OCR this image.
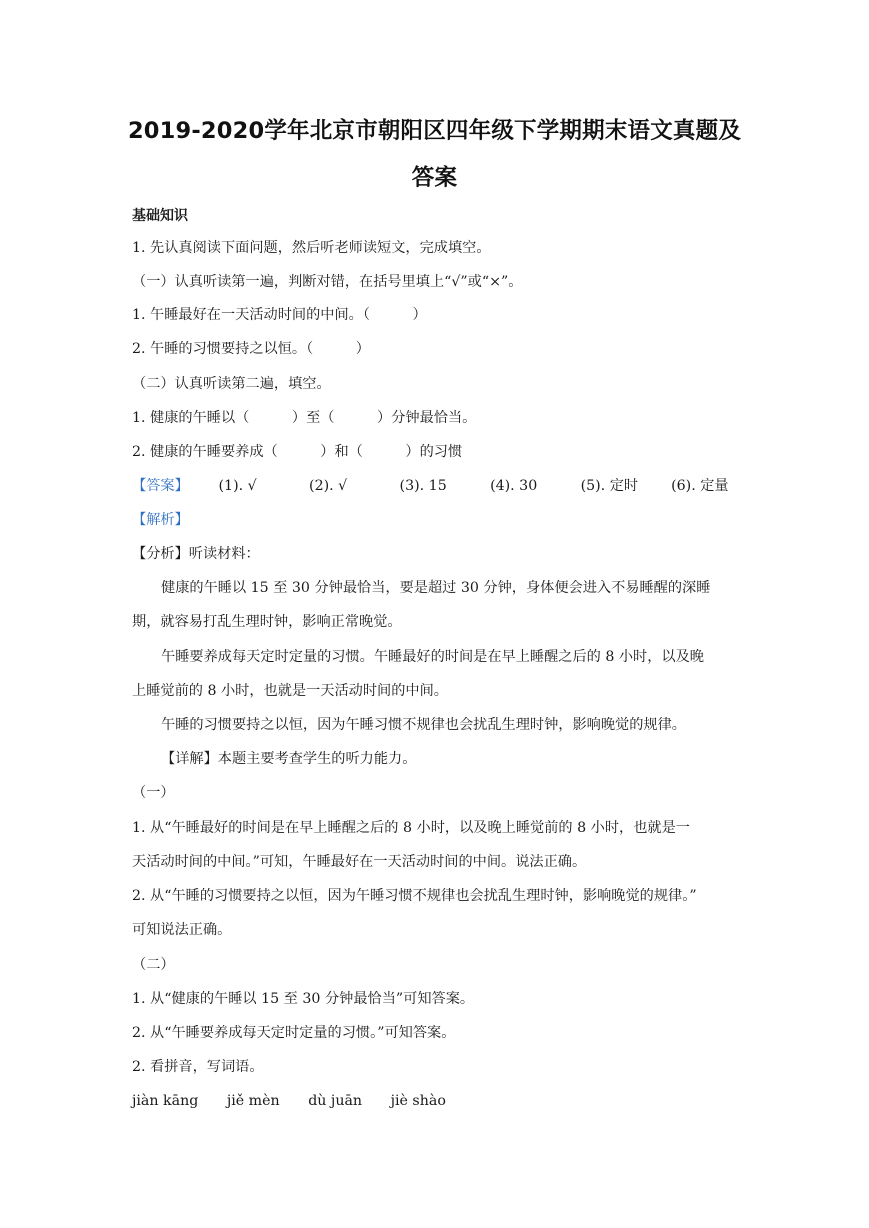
2019-2020学年北京市朝阳区四年级下学期期末语文真题及
答案
基础知识
1. 先认真阅读下面问题，然后听老师读短文，完成填空。
（一）认真听读第一遍，判断对错，在括号里填上“√”或“×”。
1. 午睡最好在一天活动时间的中间。（　　　）
2. 午睡的习惯要持之以恒。（　　　）
（二）认真听读第二遍，填空。
1. 健康的午睡以（　　　）至（　　　）分钟最恰当。
2. 健康的午睡要养成（　　　）和（　　　）的习惯
【答案】 (1). √	(2). √	(3). 15	(4). 30	(5). 定时 (6). 定量
【解析】
【分析】听读材料：
健康的午睡以 15 至 30 分钟最恰当，要是超过 30 分钟，身体便会进入不易睡醒的深睡
期，就容易打乱生理时钟，影响正常晚觉。
午睡要养成每天定时定量的习惯。午睡最好的时间是在早上睡醒之后的 8 小时，以及晚
上睡觉前的 8 小时，也就是一天活动时间的中间。
午睡的习惯要持之以恒，因为午睡习惯不规律也会扰乱生理时钟，影响晚觉的规律。
【详解】本题主要考查学生的听力能力。
（一）
1. 从“午睡最好的时间是在早上睡醒之后的 8 小时，以及晚上睡觉前的 8 小时，也就是一
天活动时间的中间。”可知，午睡最好在一天活动时间的中间。说法正确。
2. 从“午睡的习惯要持之以恒，因为午睡习惯不规律也会扰乱生理时钟，影响晚觉的规律。”
可知说法正确。
（二）
1. 从“健康的午睡以 15 至 30 分钟最恰当”可知答案。
2. 从“午睡要养成每天定时定量的习惯。”可知答案。
2. 看拼音，写词语。
jiàn kāng jiě mèn dù juān jiè shào
